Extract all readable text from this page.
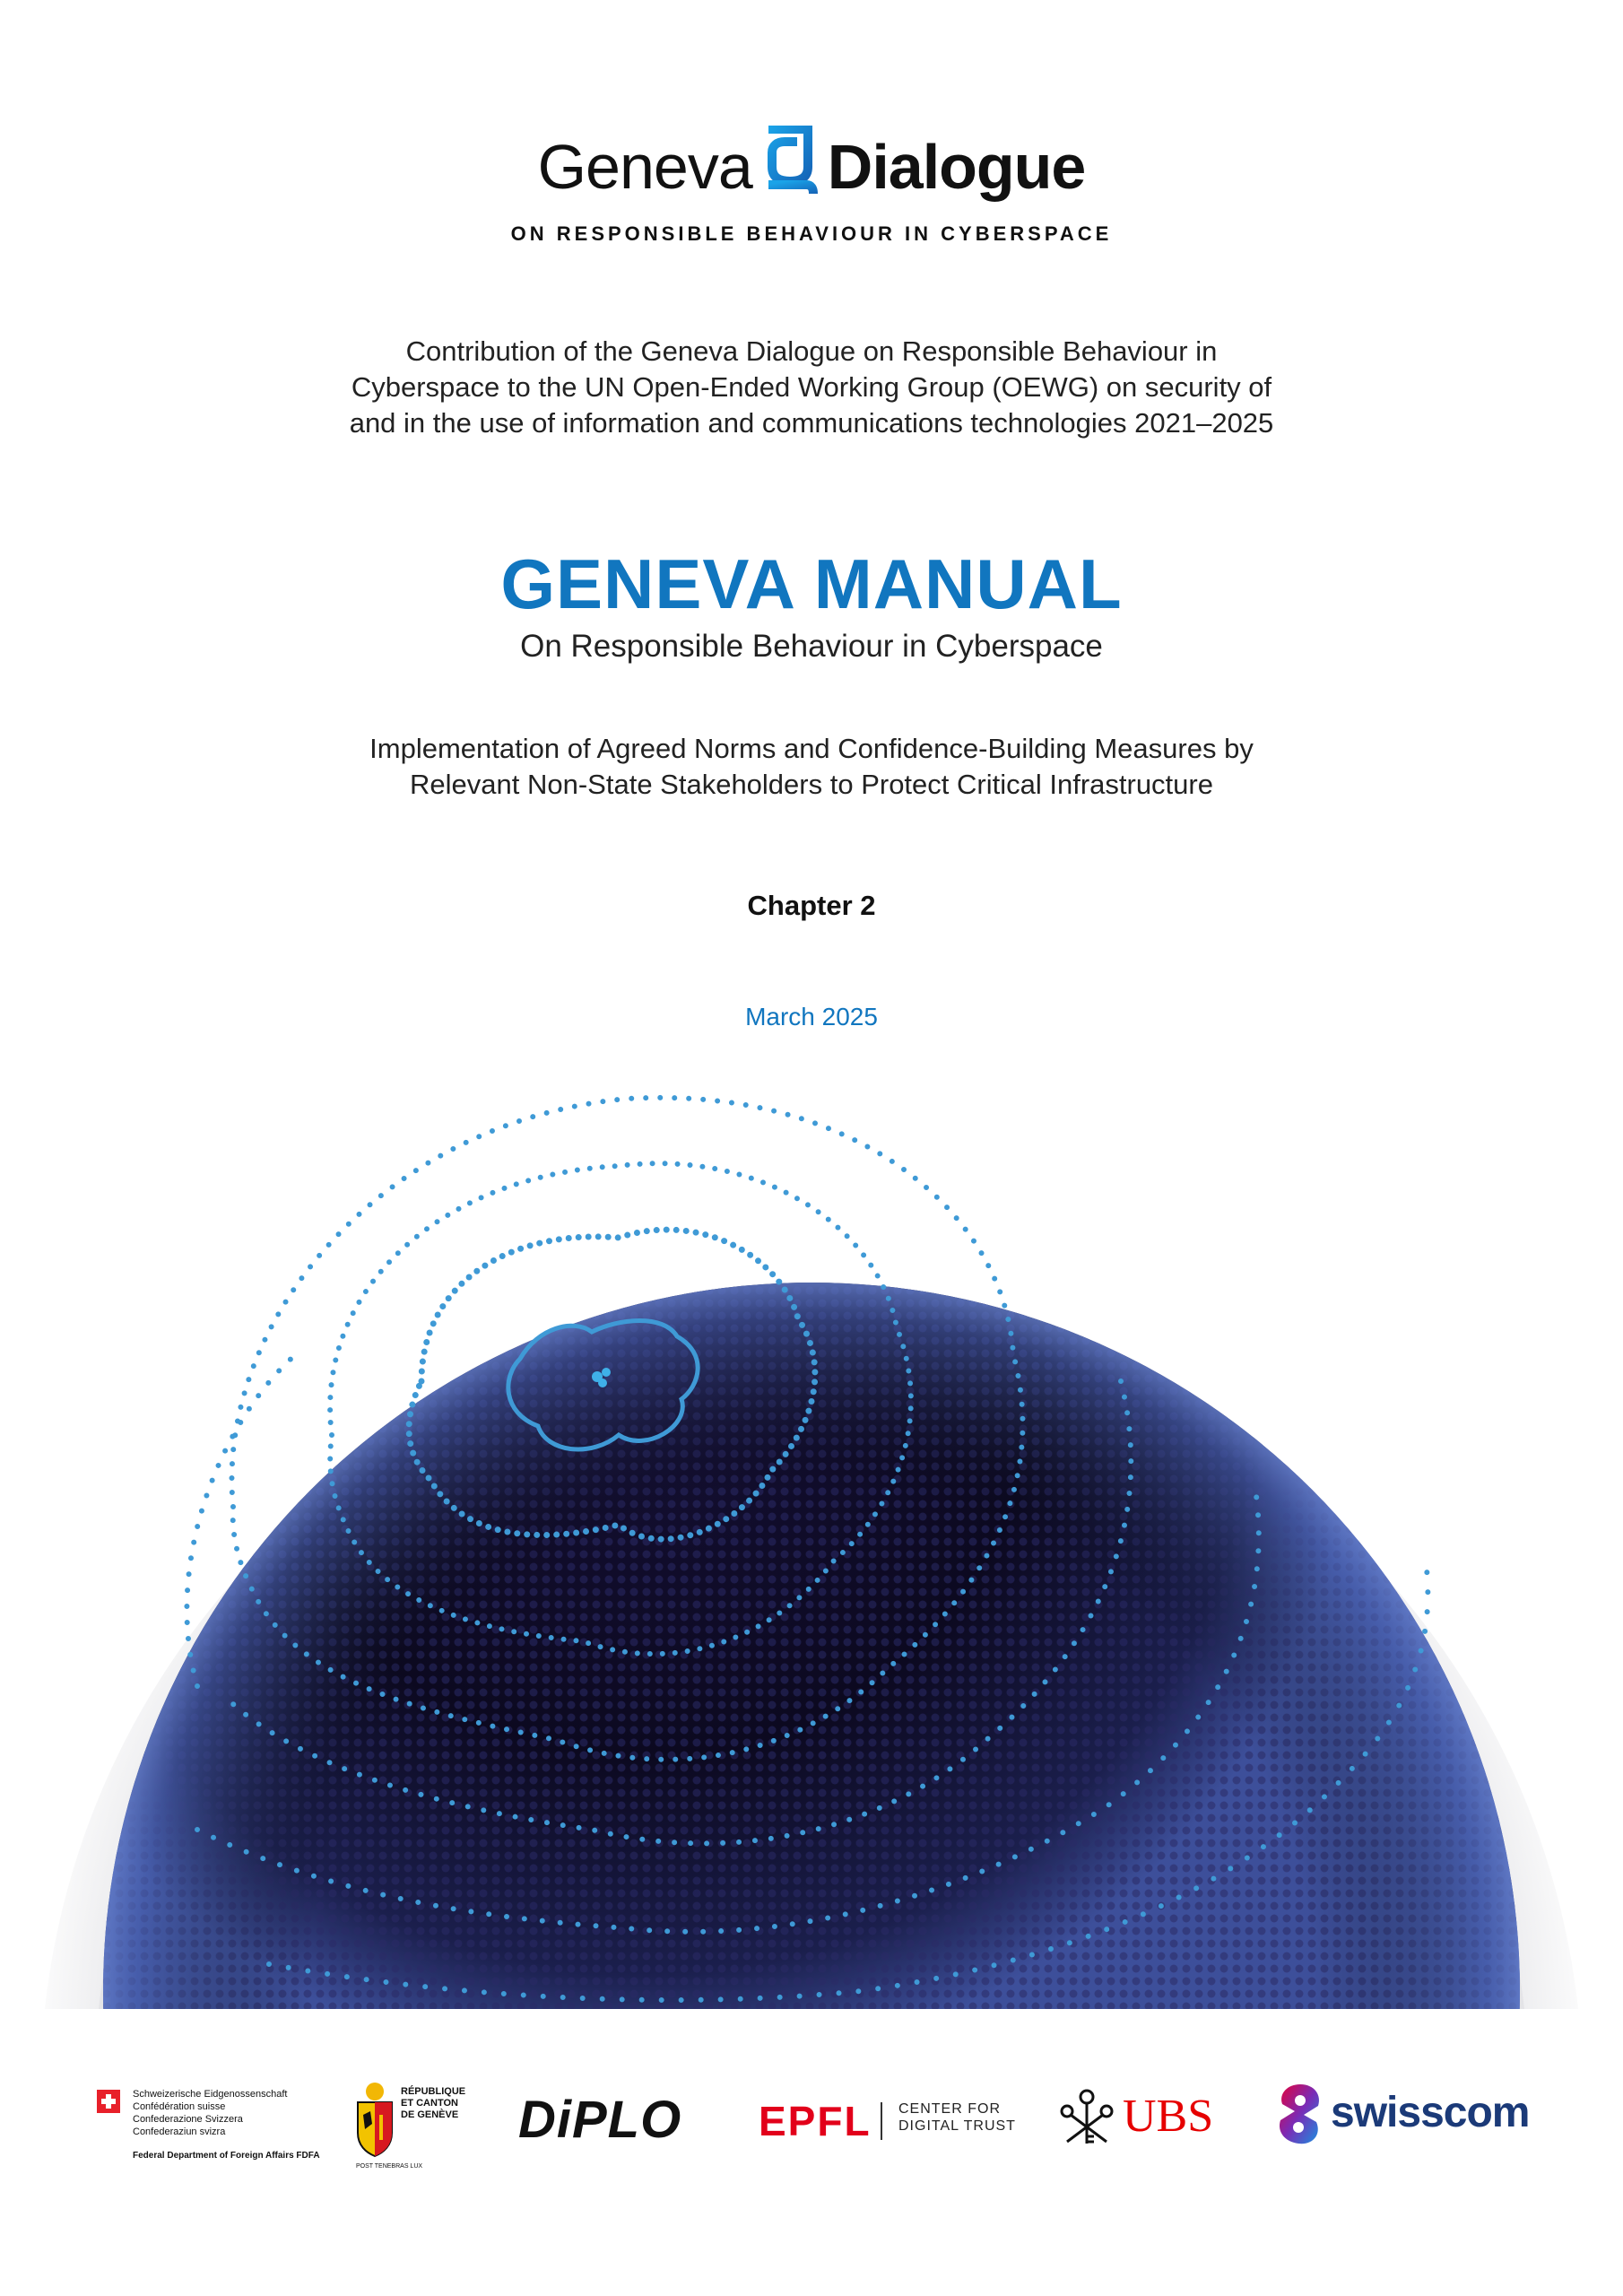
Geneva Dialogue
ON RESPONSIBLE BEHAVIOUR IN CYBERSPACE
Contribution of the Geneva Dialogue on Responsible Behaviour in
Cyberspace to the UN Open-Ended Working Group (OEWG) on security of
and in the use of information and communications technologies 2021–2025
GENEVA MANUAL
On Responsible Behaviour in Cyberspace
Implementation of Agreed Norms and Confidence-Building Measures by
Relevant Non-State Stakeholders to Protect Critical Infrastructure
Chapter 2
March 2025
Schweizerische Eidgenossenschaft
Confédération suisse
Confederazione Svizzera
Confederaziun svizra
Federal Department of Foreign Affairs FDFA
RÉPUBLIQUE
ET CANTON
DE GENÈVE
POST TENEBRAS LUX
DiPLO EPFL CENTER FOR
DIGITAL TRUST UBS	swisscom
